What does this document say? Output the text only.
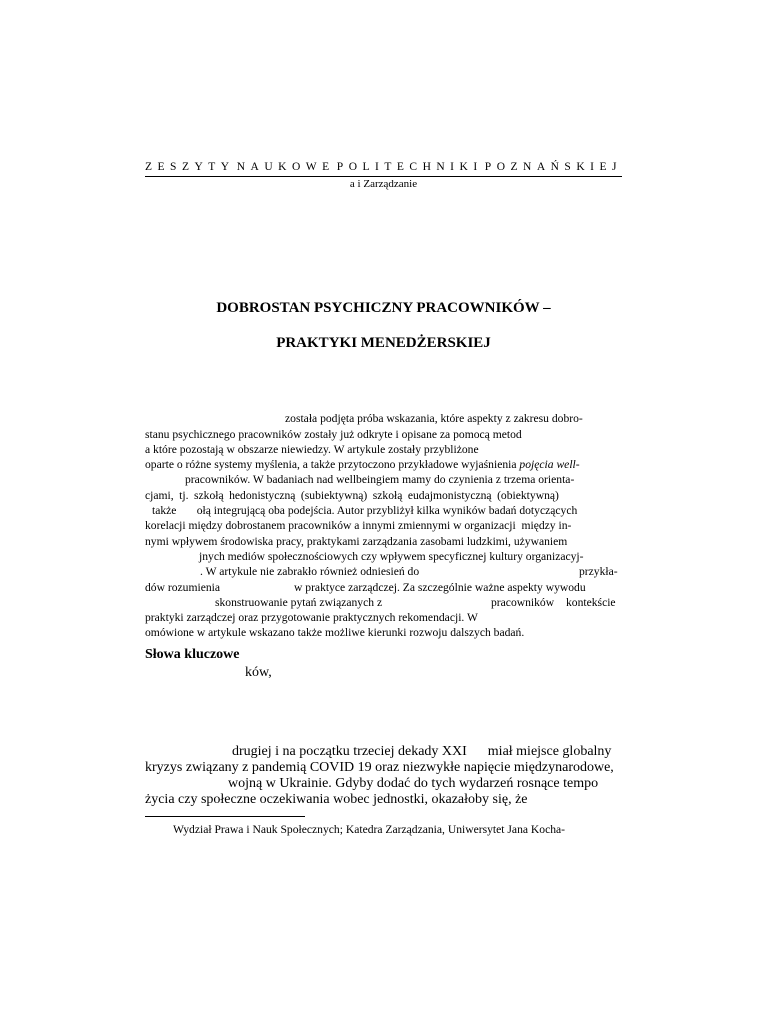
ZESZYTY NAUKOWE POLITECHNIKI POZNAŃSKIEJ
a i Zarządzanie
DOBROSTAN PSYCHICZNY PRACOWNIKÓW –
PRAKTYKI MENEDŻERSKIEJ
została podjęta próba wskazania, które aspekty z zakresu dobro-
stanu psychicznego pracowników zostały już odkryte i opisane za pomocą metod
a które pozostają w obszarze niewiedzy. W artykule zostały przybliżone
oparte o różne systemy myślenia, a także przytoczono przykładowe wyjaśnienia pojęcia well-
pracowników. W badaniach nad wellbeingiem mamy do czynienia z trzema orienta-
cjami, tj. szkołą hedonistyczną (subiektywną) szkołą eudajmonistyczną (obiektywną)
także       ołą integrującą oba podejścia. Autor przybliżył kilka wyników badań dotyczących
korelacji między dobrostanem pracowników a innymi zmiennymi w organizacji  między in-
nymi wpływem środowiska pracy, praktykami zarządzania zasobami ludzkimi, używaniem
jnych mediów społecznościowych czy wpływem specyficznej kultury organizacyj-
. W artykule nie zabrakło również odniesień do	przykła-
dów rozumienia	w praktyce zarządczej. Za szczególnie ważne aspekty wywodu
skonstruowanie pytań związanych z	pracowników kontekście
praktyki zarządczej oraz przygotowanie praktycznych rekomendacji. W
omówione w artykule wskazano także możliwe kierunki rozwoju dalszych badań.
Słowa kluczowe
ków,
drugiej i na początku trzeciej dekady XXI      miał miejsce globalny
kryzys związany z pandemią COVID 19 oraz niezwykłe napięcie międzynarodowe,
wojną w Ukrainie. Gdyby dodać do tych wydarzeń rosnące tempo
życia czy społeczne oczekiwania wobec jednostki, okazałoby się, że
Wydział Prawa i Nauk Społecznych; Katedra Zarządzania, Uniwersytet Jana Kocha-
